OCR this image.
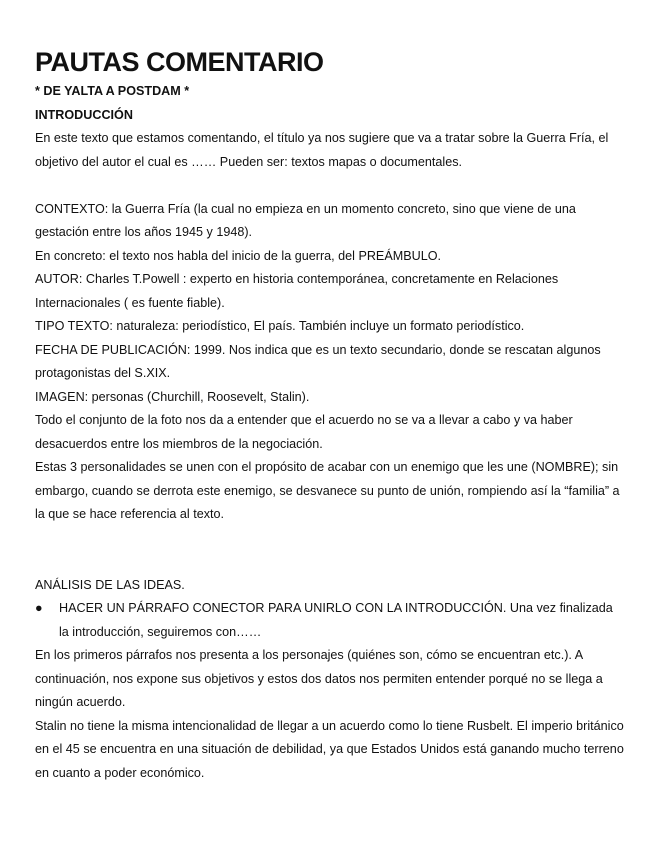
PAUTAS COMENTARIO
* DE YALTA A POSTDAM *
INTRODUCCIÓN

En este texto que estamos comentando, el título ya nos sugiere que va a tratar sobre la Guerra Fría, el objetivo del autor el cual es …… Pueden ser: textos mapas o documentales.

CONTEXTO: la Guerra Fría (la cual no empieza en un momento concreto, sino que viene de una gestación entre los años 1945 y 1948).

En concreto: el texto nos habla del inicio de la guerra, del PREÁMBULO.

AUTOR: Charles T.Powell : experto en historia contemporánea, concretamente en Relaciones Internacionales ( es fuente fiable).

TIPO TEXTO: naturaleza: periodístico, El país. También incluye un formato periodístico.

FECHA DE PUBLICACIÓN: 1999. Nos indica que es un texto secundario, donde se rescatan algunos protagonistas del S.XIX.

IMAGEN: personas (Churchill, Roosevelt, Stalin).

Todo el conjunto de la foto nos da a entender que el acuerdo no se va a llevar a cabo y va haber desacuerdos entre los miembros de la negociación.

Estas 3 personalidades se unen con el propósito de acabar con un enemigo que les une (NOMBRE); sin embargo, cuando se derrota este enemigo, se desvanece su punto de unión, rompiendo así la “familia” a la que se hace referencia al texto.

ANÁLISIS DE LAS IDEAS.

●	HACER UN PÁRRAFO CONECTOR PARA UNIRLO CON LA INTRODUCCIÓN. Una vez finalizada la introducción, seguiremos con……

En los primeros párrafos nos presenta a los personajes (quiénes son, cómo se encuentran etc.). A continuación, nos expone sus objetivos y estos dos datos nos permiten entender porqué no se llega a ningún acuerdo.

Stalin no tiene la misma intencionalidad de llegar a un acuerdo como lo tiene Rusbelt. El imperio británico en el 45 se encuentra en una situación de debilidad, ya que Estados Unidos está ganando mucho terreno en cuanto a poder económico.
